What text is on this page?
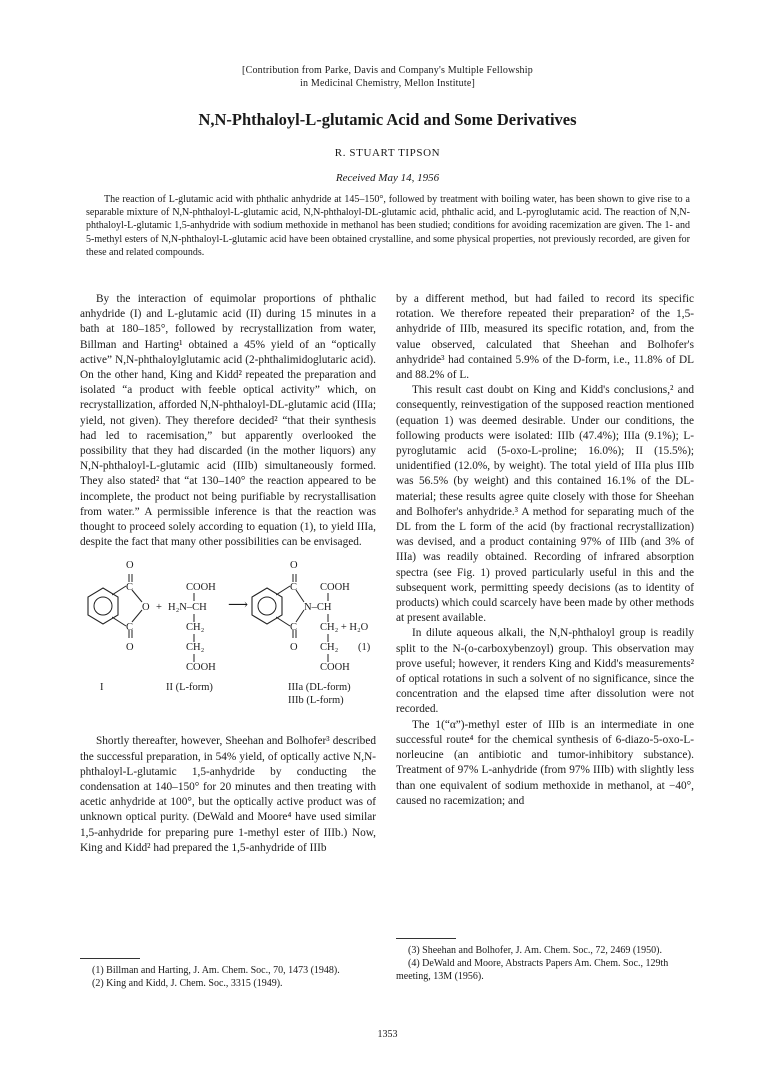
[Contribution from Parke, Davis and Company's Multiple Fellowship
in Medicinal Chemistry, Mellon Institute]
N,N-Phthaloyl-L-glutamic Acid and Some Derivatives
R. STUART TIPSON
Received May 14, 1956
The reaction of L-glutamic acid with phthalic anhydride at 145–150°, followed by treatment with boiling water, has been shown to give rise to a separable mixture of N,N-phthaloyl-L-glutamic acid, N,N-phthaloyl-DL-glutamic acid, phthalic acid, and L-pyroglutamic acid. The reaction of N,N-phthaloyl-L-glutamic 1,5-anhydride with sodium methoxide in methanol has been studied; conditions for avoiding racemization are given. The 1- and 5-methyl esters of N,N-phthaloyl-L-glutamic acid have been obtained crystalline, and some physical properties, not previously recorded, are given for these and related compounds.

By the interaction of equimolar proportions of phthalic anhydride (I) and L-glutamic acid (II) during 15 minutes in a bath at 180–185°, followed by recrystallization from water, Billman and Harting¹ obtained a 45% yield of an “optically active” N,N-phthaloylglutamic acid (2-phthalimidoglutaric acid). On the other hand, King and Kidd² repeated the preparation and isolated “a product with feeble optical activity” which, on recrystallization, afforded N,N-phthaloyl-DL-glutamic acid (IIIa; yield, not given). They therefore decided² “that their synthesis had led to racemisation,” but apparently overlooked the possibility that they had discarded (in the mother liquors) any N,N-phthaloyl-L-glutamic acid (IIIb) simultaneously formed. They also stated² that “at 130–140° the reaction appeared to be incomplete, the product not being purifiable by recrystallisation from water.” A permissible inference is that the reaction was thought to proceed solely according to equation (1), to yield IIIa, despite the fact that many other possibilities can be envisaged.

O
C
O
C
O
+
COOH
H₂N–CH
CH₂
CH₂
COOH
⟶
O
C
N–CH
C
O
COOH
CH₂ + H₂O
CH₂
COOH
(1)
I	II (L-form)	IIIa (DL-form)
IIIb (L-form)

Shortly thereafter, however, Sheehan and Bolhofer³ described the successful preparation, in 54% yield, of optically active N,N-phthaloyl-L-glutamic 1,5-anhydride by conducting the condensation at 140–150° for 20 minutes and then treating with acetic anhydride at 100°, but the optically active product was of unknown optical purity. (DeWald and Moore⁴ have used similar 1,5-anhydride for preparing pure 1-methyl ester of IIIb.) Now, King and Kidd² had prepared the 1,5-anhydride of IIIb

by a different method, but had failed to record its specific rotation. We therefore repeated their preparation² of the 1,5-anhydride of IIIb, measured its specific rotation, and, from the value observed, calculated that Sheehan and Bolhofer's anhydride³ had contained 5.9% of the D-form, i.e., 11.8% of DL and 88.2% of L.

This result cast doubt on King and Kidd's conclusions,² and consequently, reinvestigation of the supposed reaction mentioned (equation 1) was deemed desirable. Under our conditions, the following products were isolated: IIIb (47.4%); IIIa (9.1%); L-pyroglutamic acid (5-oxo-L-proline; 16.0%); II (15.5%); unidentified (12.0%, by weight). The total yield of IIIa plus IIIb was 56.5% (by weight) and this contained 16.1% of the DL-material; these results agree quite closely with those for Sheehan and Bolhofer's anhydride.³ A method for separating much of the DL from the L form of the acid (by fractional recrystallization) was devised, and a product containing 97% of IIIb (and 3% of IIIa) was readily obtained. Recording of infrared absorption spectra (see Fig. 1) proved particularly useful in this and the subsequent work, permitting speedy decisions (as to identity of products) which could scarcely have been made by other methods at present available.

In dilute aqueous alkali, the N,N-phthaloyl group is readily split to the N-(o-carboxybenzoyl) group. This observation may prove useful; however, it renders King and Kidd's measurements² of optical rotations in such a solvent of no significance, since the concentration and the elapsed time after dissolution were not recorded.

The 1(“α”)-methyl ester of IIIb is an intermediate in one successful route⁴ for the chemical synthesis of 6-diazo-5-oxo-L-norleucine (an antibiotic and tumor-inhibitory substance). Treatment of 97% L-anhydride (from 97% IIIb) with slightly less than one equivalent of sodium methoxide in methanol, at −40°, caused no racemization; and

(1) Billman and Harting, J. Am. Chem. Soc., 70, 1473 (1948).
(2) King and Kidd, J. Chem. Soc., 3315 (1949).
(3) Sheehan and Bolhofer, J. Am. Chem. Soc., 72, 2469 (1950).
(4) DeWald and Moore, Abstracts Papers Am. Chem. Soc., 129th meeting, 13M (1956).
1353
